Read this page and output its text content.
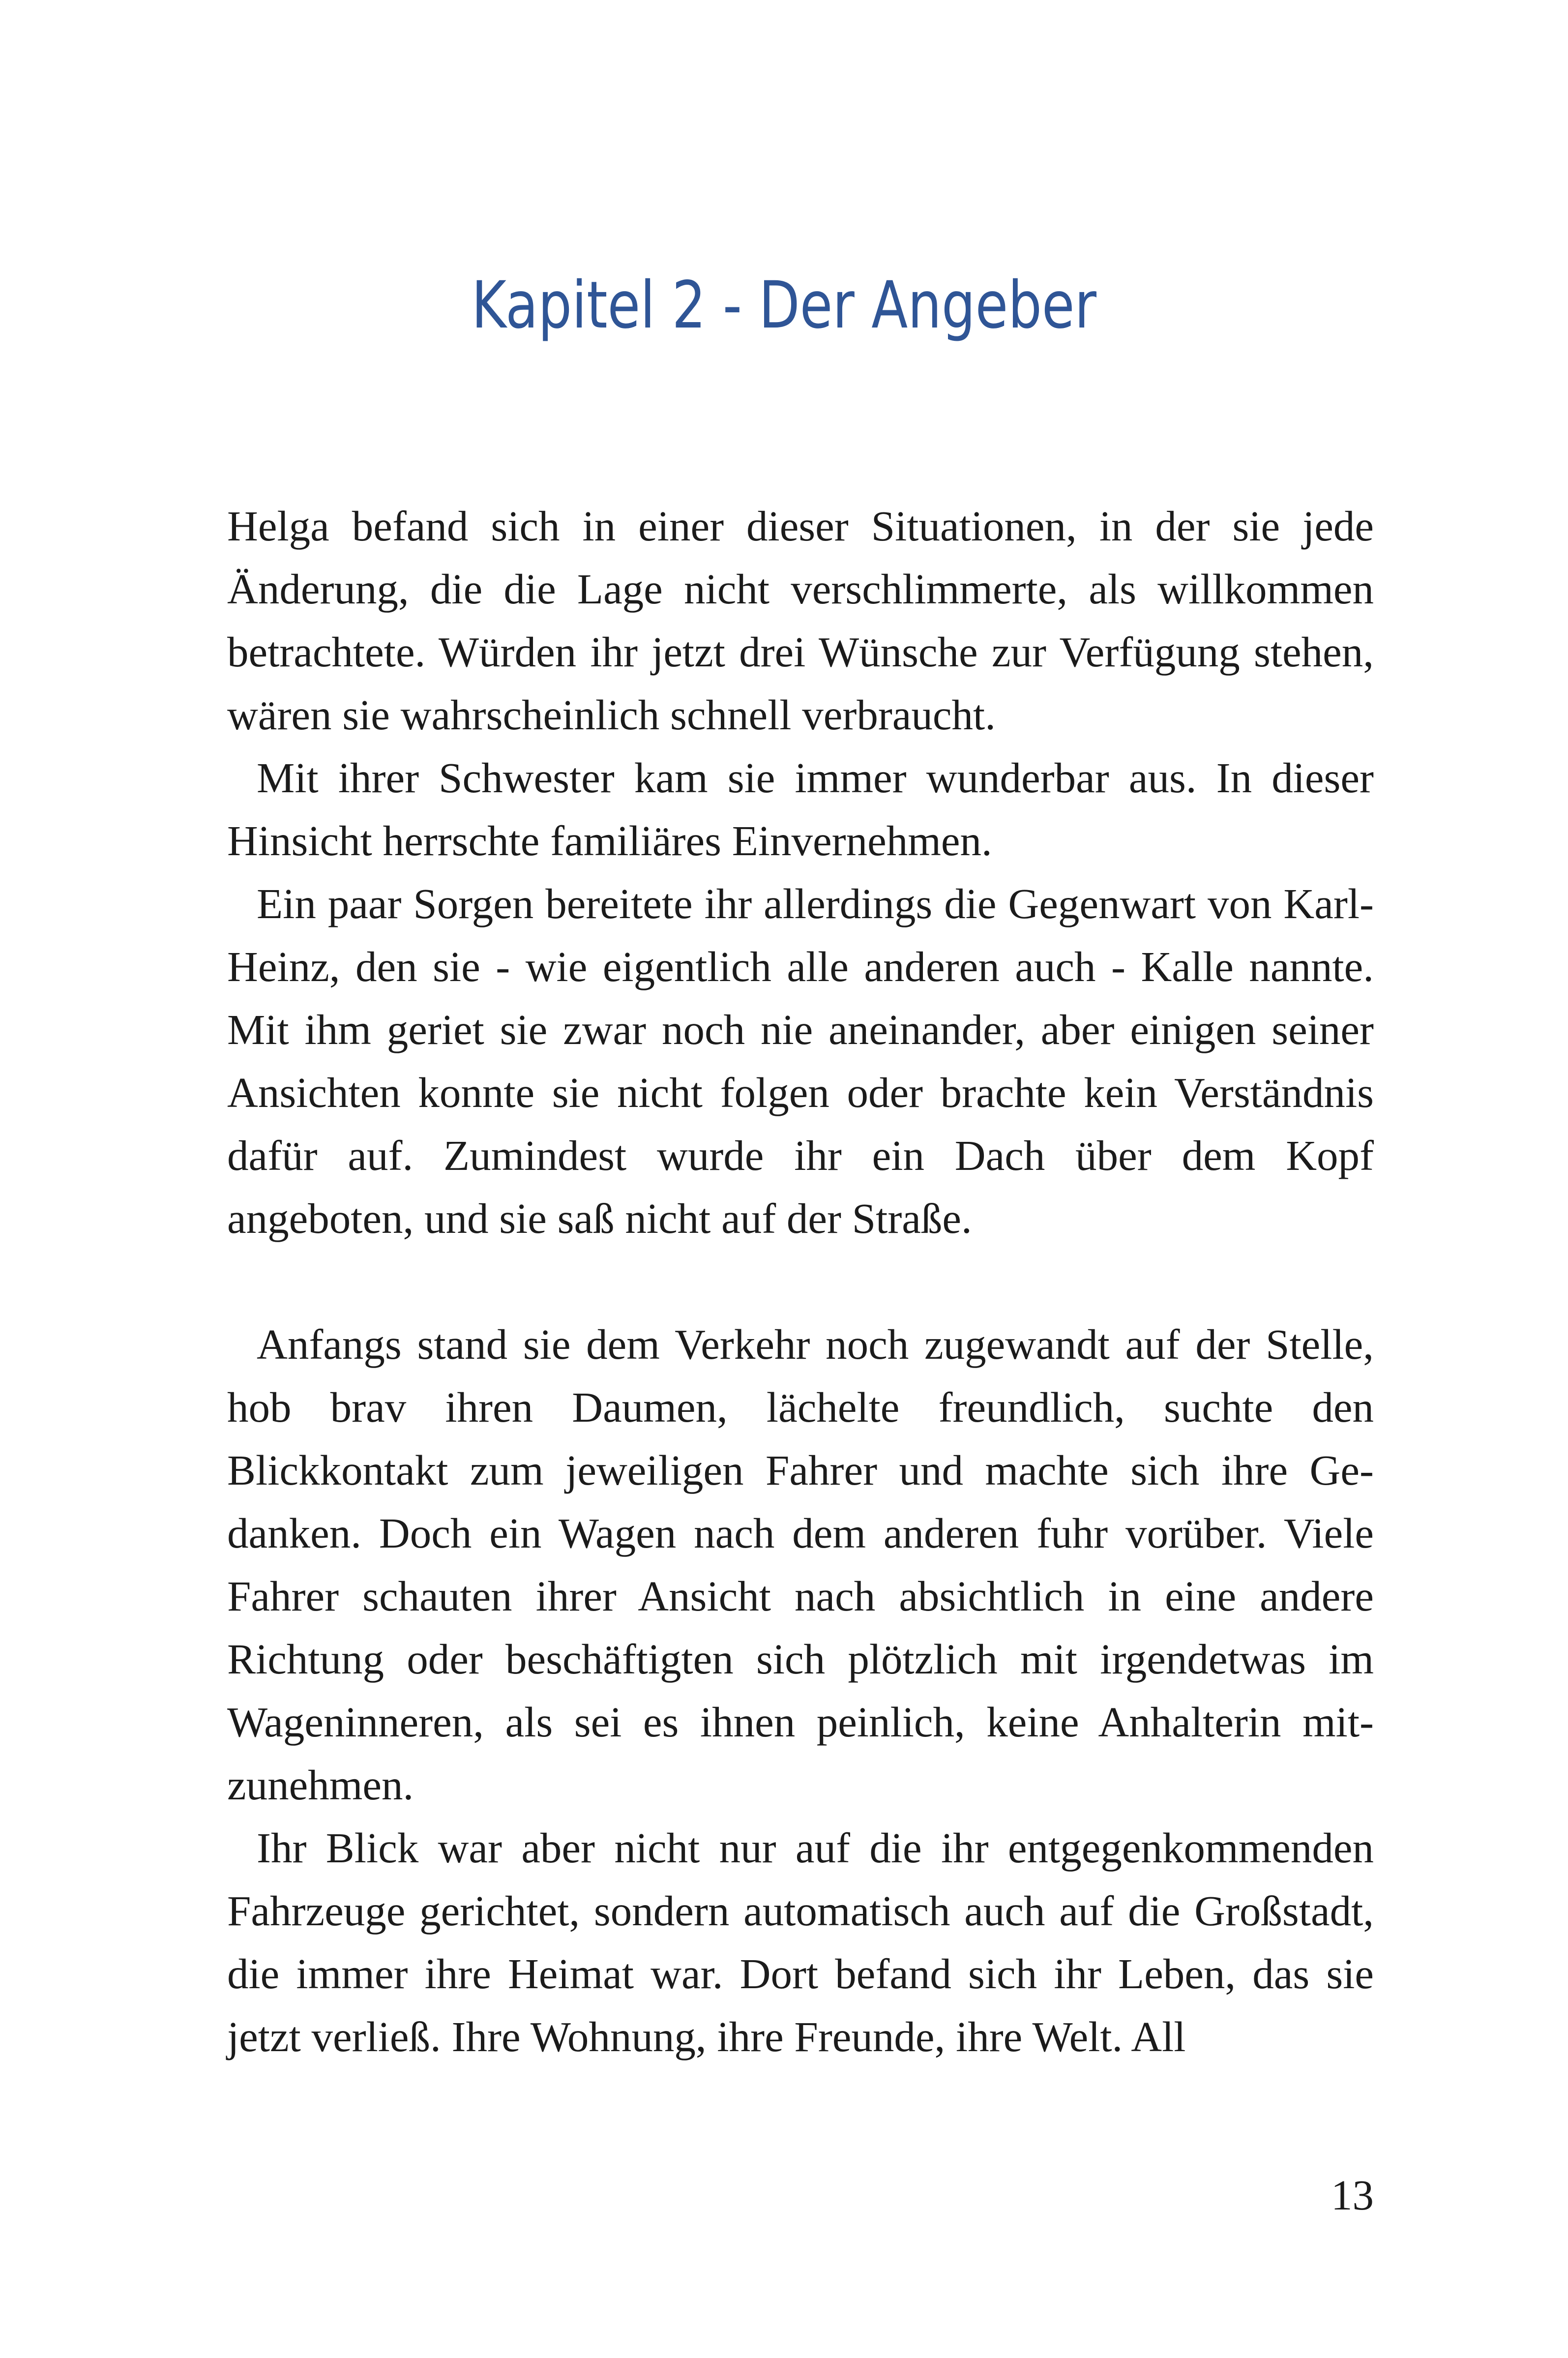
Kapitel 2 - Der Angeber

Helga befand sich in einer dieser Situationen, in der sie jede Änderung, die die Lage nicht verschlimmerte, als willkommen betrachtete. Würden ihr jetzt drei Wünsche zur Verfügung stehen, wären sie wahrscheinlich schnell verbraucht.

Mit ihrer Schwester kam sie immer wunderbar aus. In dieser Hinsicht herrschte familiäres Einvernehmen.

Ein paar Sorgen bereitete ihr allerdings die Gegenwart von Karl-Heinz, den sie - wie eigentlich alle anderen auch - Kalle nannte. Mit ihm geriet sie zwar noch nie aneinander, aber einigen seiner Ansichten konnte sie nicht folgen oder brachte kein Verständnis dafür auf. Zumindest wurde ihr ein Dach über dem Kopf angeboten, und sie saß nicht auf der Straße.

Anfangs stand sie dem Verkehr noch zugewandt auf der Stelle, hob brav ihren Daumen, lächelte freundlich, suchte den Blickkontakt zum jeweiligen Fahrer und machte sich ihre Gedanken. Doch ein Wagen nach dem anderen fuhr vorüber. Viele Fahrer schauten ihrer Ansicht nach absichtlich in eine andere Richtung oder beschäftigten sich plötzlich mit irgendetwas im Wageninneren, als sei es ihnen peinlich, keine Anhalterin mitzunehmen.

Ihr Blick war aber nicht nur auf die ihr entgegenkommenden Fahrzeuge gerichtet, sondern automatisch auch auf die Großstadt, die immer ihre Heimat war. Dort befand sich ihr Leben, das sie jetzt verließ. Ihre Wohnung, ihre Freunde, ihre Welt. All

13
